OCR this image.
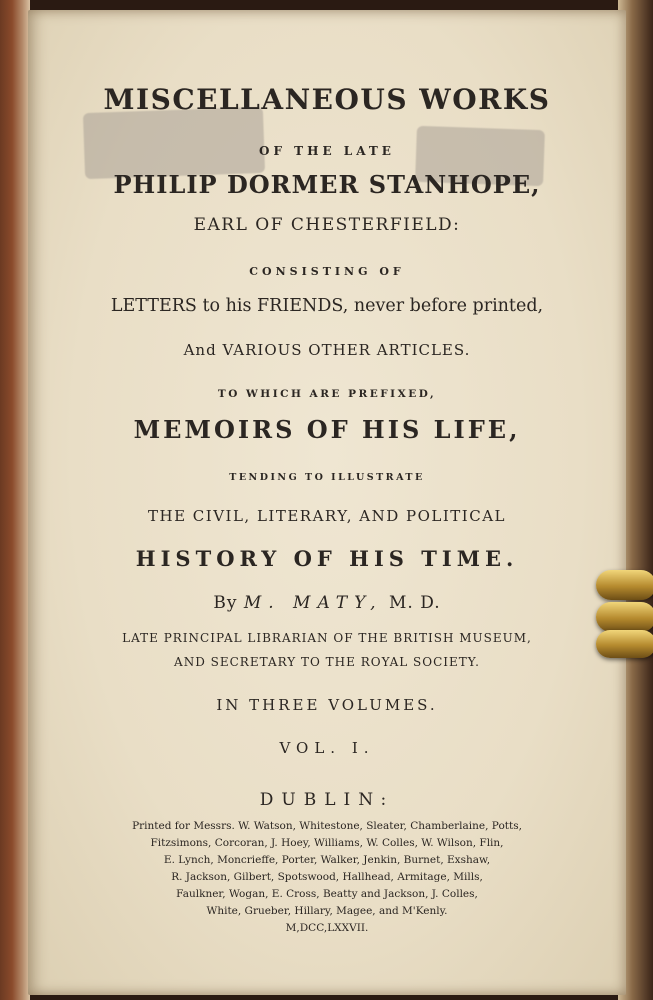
MISCELLANEOUS WORKS
OF THE LATE
PHILIP DORMER STANHOPE,
EARL OF CHESTERFIELD:
CONSISTING OF
LETTERS to his FRIENDS, never before printed,
And VARIOUS OTHER ARTICLES.
TO WHICH ARE PREFIXED,
MEMOIRS OF HIS LIFE,
TENDING TO ILLUSTRATE
THE CIVIL, LITERARY, AND POLITICAL
HISTORY OF HIS TIME.
By M. MATY, M. D.
LATE PRINCIPAL LIBRARIAN OF THE BRITISH MUSEUM,
AND SECRETARY TO THE ROYAL SOCIETY.
IN THREE VOLUMES.
VOL. I.
DUBLIN:
Printed for Messrs. W. Watson, Whitestone, Sleater, Chamberlaine, Potts,
Fitzsimons, Corcoran, J. Hoey, Williams, W. Colles, W. Wilson, Flin,
E. Lynch, Moncrieffe, Porter, Walker, Jenkin, Burnet, Exshaw,
R. Jackson, Gilbert, Spotswood, Hallhead, Armitage, Mills,
Faulkner, Wogan, E. Cross, Beatty and Jackson, J. Colles,
White, Grueber, Hillary, Magee, and M'Kenly.
M,DCC,LXXVII.
